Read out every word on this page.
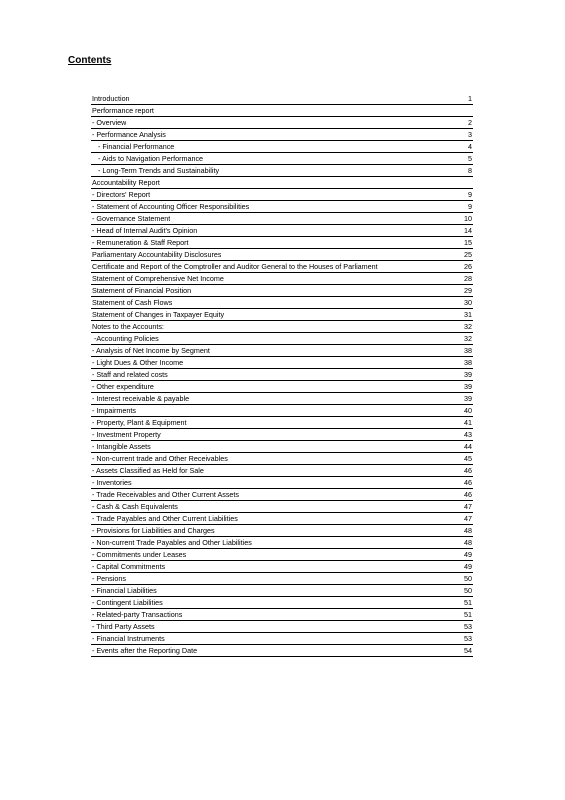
Contents
Introduction	1
Performance report
- Overview	2
- Performance Analysis	3
- Financial Performance	4
- Aids to Navigation Performance	5
- Long-Term Trends and Sustainability	8
Accountability Report
- Directors' Report	9
- Statement of Accounting Officer Responsibilities	9
- Governance Statement	10
- Head of Internal Audit's Opinion	14
- Remuneration & Staff Report	15
Parliamentary Accountability Disclosures	25
Certificate and Report of the Comptroller and Auditor General to the Houses of Parliament	26
Statement of Comprehensive Net Income	28
Statement of Financial Position	29
Statement of Cash Flows	30
Statement of Changes in Taxpayer Equity	31
Notes to the Accounts:	32
-Accounting Policies	32
- Analysis of Net Income by Segment	38
- Light Dues & Other Income	38
- Staff and related costs	39
- Other expenditure	39
- Interest receivable & payable	39
- Impairments	40
- Property, Plant & Equipment	41
- Investment Property	43
- Intangible Assets	44
- Non-current trade and Other Receivables	45
- Assets Classified as Held for Sale	46
- Inventories	46
- Trade Receivables and Other Current Assets	46
- Cash & Cash Equivalents	47
- Trade Payables and Other Current Liabilities	47
- Provisions for Liabilities and Charges	48
- Non-current Trade Payables and Other Liabilities	48
- Commitments under Leases	49
- Capital Commitments	49
- Pensions	50
- Financial Liabilities	50
- Contingent Liabilities	51
- Related-party Transactions	51
- Third Party Assets	53
- Financial Instruments	53
- Events after the Reporting Date	54
